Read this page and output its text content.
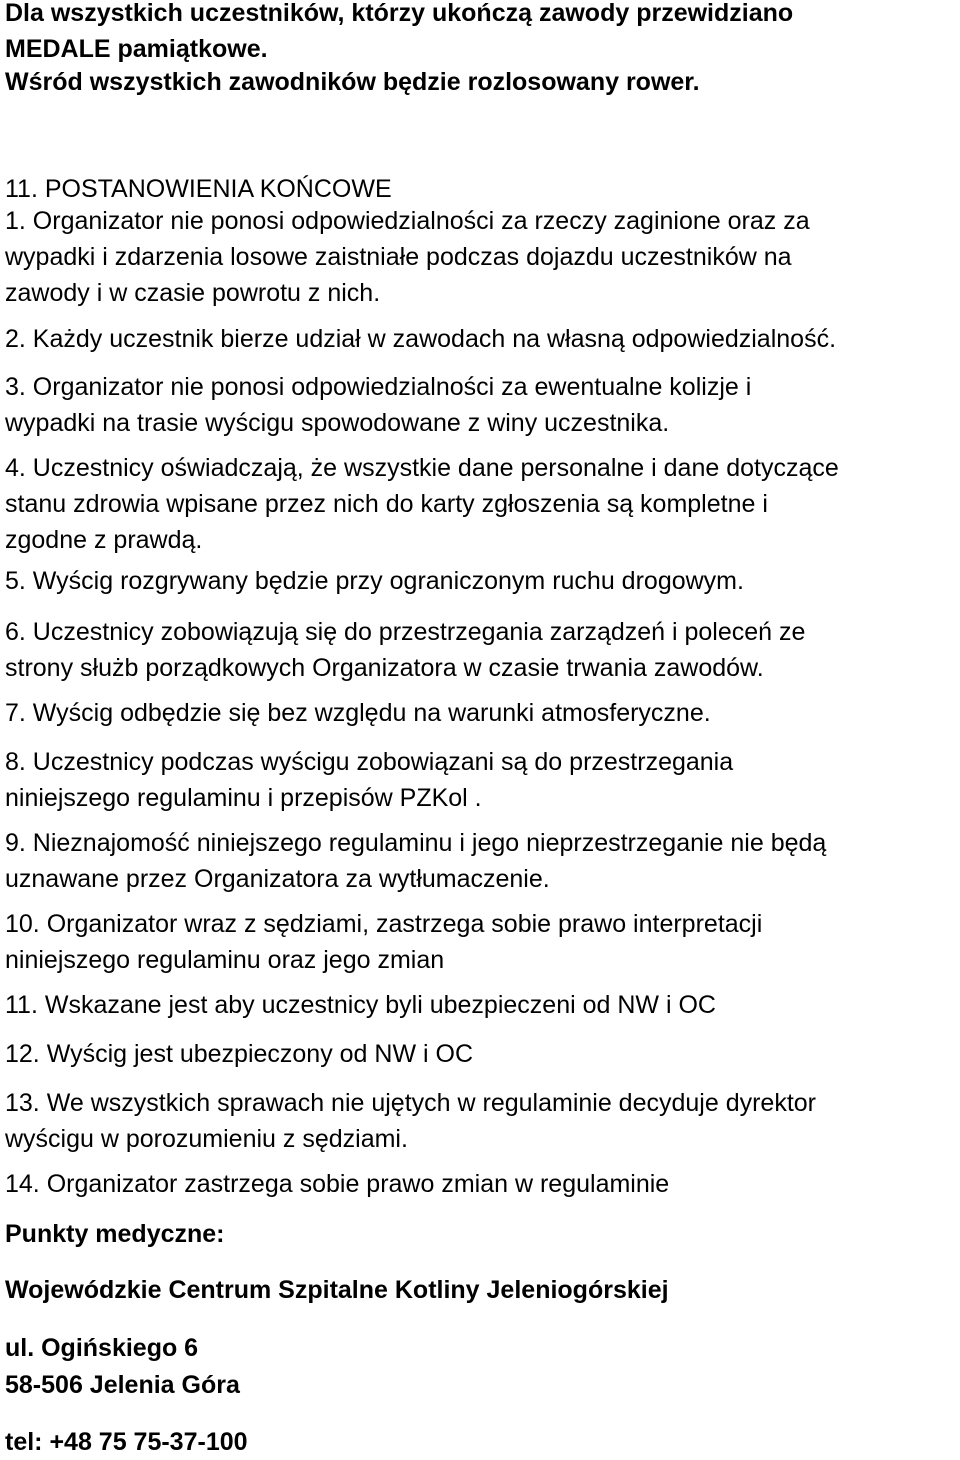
Dla wszystkich uczestników, którzy ukończą zawody przewidziano

MEDALE pamiątkowe.

Wśród wszystkich zawodników będzie rozlosowany rower.

11. POSTANOWIENIA KOŃCOWE

1. Organizator nie ponosi odpowiedzialności za rzeczy zaginione oraz za
wypadki i zdarzenia losowe zaistniałe podczas dojazdu uczestników na
zawody i w czasie powrotu z nich.
2. Każdy uczestnik bierze udział w zawodach na własną odpowiedzialność.
3. Organizator nie ponosi odpowiedzialności za ewentualne kolizje i
wypadki na trasie wyścigu spowodowane z winy uczestnika.
4. Uczestnicy oświadczają, że wszystkie dane personalne i dane dotyczące
stanu zdrowia wpisane przez nich do karty zgłoszenia są kompletne i
zgodne z prawdą.
5. Wyścig rozgrywany będzie przy ograniczonym ruchu drogowym.
6. Uczestnicy zobowiązują się do przestrzegania zarządzeń i poleceń ze
strony służb porządkowych Organizatora w czasie trwania zawodów.
7. Wyścig odbędzie się bez względu na warunki atmosferyczne.
8. Uczestnicy podczas wyścigu zobowiązani są do przestrzegania
niniejszego regulaminu i przepisów PZKol .
9. Nieznajomość niniejszego regulaminu i jego nieprzestrzeganie nie będą
uznawane przez Organizatora za wytłumaczenie.
10. Organizator wraz z sędziami, zastrzega sobie prawo interpretacji
niniejszego regulaminu oraz jego zmian
11. Wskazane jest aby uczestnicy byli ubezpieczeni od NW i OC
12. Wyścig jest ubezpieczony od NW i OC
13. We wszystkich sprawach nie ujętych w regulaminie decyduje dyrektor
wyścigu w porozumieniu z sędziami.
14. Organizator zastrzega sobie prawo zmian w regulaminie

Punkty medyczne:

Wojewódzkie Centrum Szpitalne Kotliny Jeleniogórskiej

ul. Ogińskiego 6

58-506 Jelenia Góra

tel: +48 75 75-37-100
